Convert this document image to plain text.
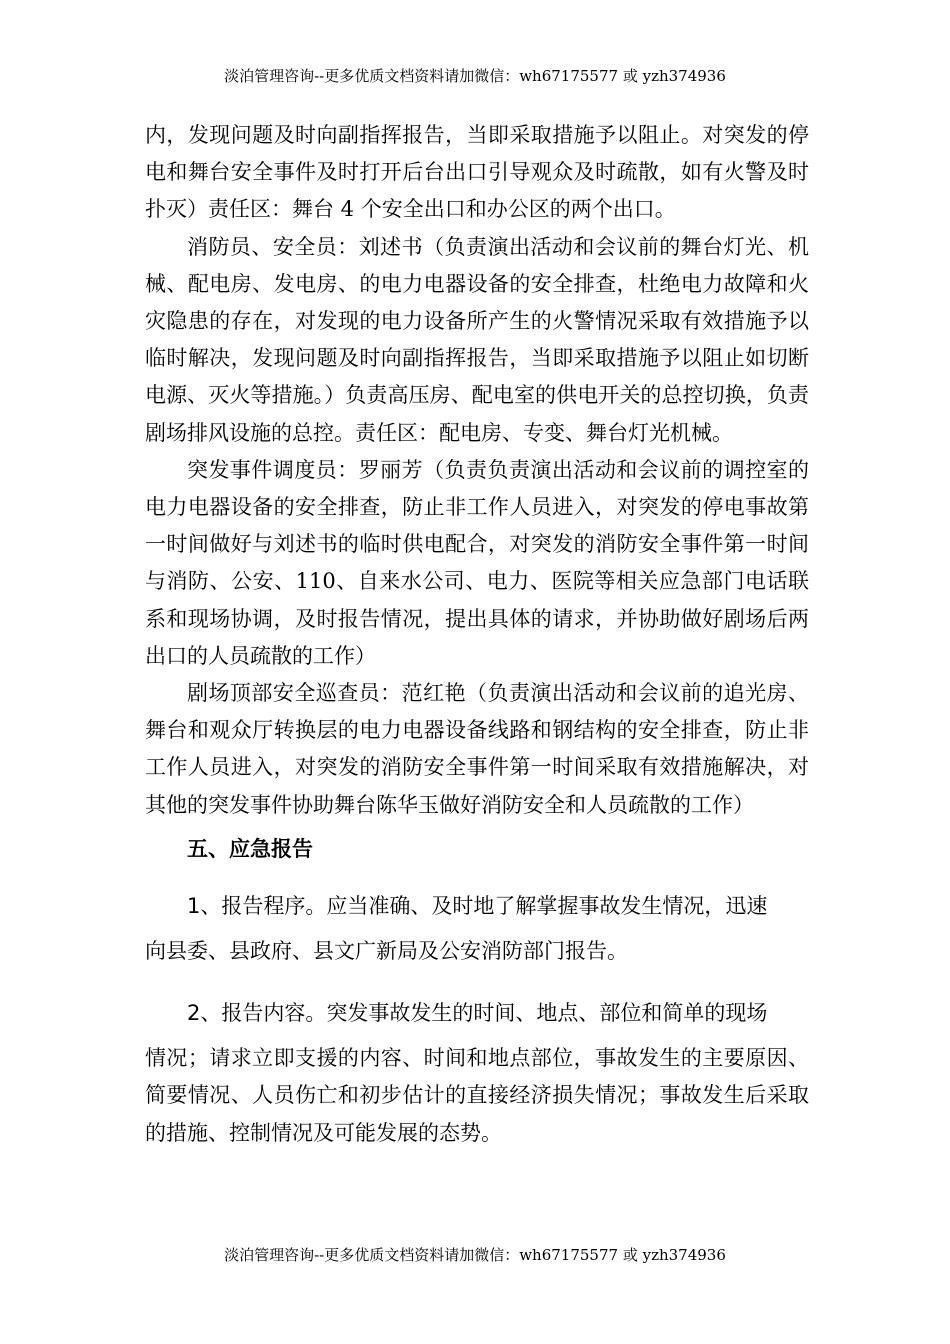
淡泊管理咨询--更多优质文档资料请加微信：wh67175577 或 yzh374936

内，发现问题及时向副指挥报告，当即采取措施予以阻止。对突发的停电和舞台安全事件及时打开后台出口引导观众及时疏散，如有火警及时扑灭）责任区：舞台 4 个安全出口和办公区的两个出口。

消防员、安全员：刘述书（负责演出活动和会议前的舞台灯光、机械、配电房、发电房、的电力电器设备的安全排查，杜绝电力故障和火灾隐患的存在，对发现的电力设备所产生的火警情况采取有效措施予以临时解决，发现问题及时向副指挥报告，当即采取措施予以阻止如切断电源、灭火等措施。）负责高压房、配电室的供电开关的总控切换，负责剧场排风设施的总控。责任区：配电房、专变、舞台灯光机械。

突发事件调度员：罗丽芳（负责负责演出活动和会议前的调控室的电力电器设备的安全排查，防止非工作人员进入，对突发的停电事故第一时间做好与刘述书的临时供电配合，对突发的消防安全事件第一时间与消防、公安、110、自来水公司、电力、医院等相关应急部门电话联系和现场协调，及时报告情况，提出具体的请求，并协助做好剧场后两出口的人员疏散的工作）

剧场顶部安全巡查员：范红艳（负责演出活动和会议前的追光房、舞台和观众厅转换层的电力电器设备线路和钢结构的安全排查，防止非工作人员进入，对突发的消防安全事件第一时间采取有效措施解决，对其他的突发事件协助舞台陈华玉做好消防安全和人员疏散的工作）

五、应急报告

1、报告程序。应当准确、及时地了解掌握事故发生情况，迅速

向县委、县政府、县文广新局及公安消防部门报告。

2、报告内容。突发事故发生的时间、地点、部位和简单的现场

情况；请求立即支援的内容、时间和地点部位，事故发生的主要原因、简要情况、人员伤亡和初步估计的直接经济损失情况；事故发生后采取的措施、控制情况及可能发展的态势。

淡泊管理咨询--更多优质文档资料请加微信：wh67175577 或 yzh374936
